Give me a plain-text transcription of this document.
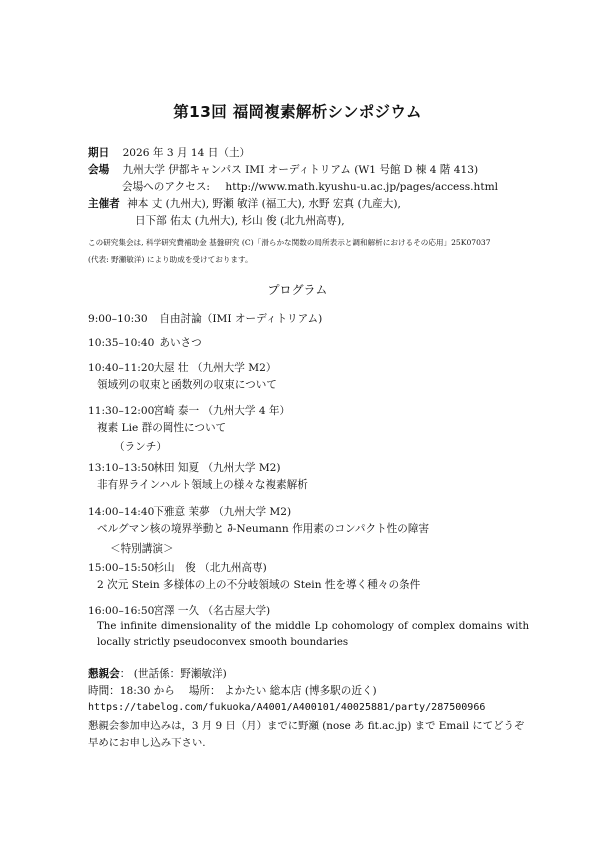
第13回 福岡複素解析シンポジウム
期日 2026 年 3 月 14 日（土）
会場 九州大学 伊都キャンパス IMI オーディトリアム (W1 号館 D 棟 4 階 413)
会場へのアクセス: http://www.math.kyushu-u.ac.jp/pages/access.html
主催者 神本 丈 (九州大), 野瀬 敏洋 (福工大), 水野 宏真 (九産大),
日下部 佑太 (九州大), 杉山 俊 (北九州高専),
この研究集会は, 科学研究費補助金 基盤研究 (C)「滑らかな関数の局所表示と調和解析におけるその応用」25K07037
(代表: 野瀬敏洋) により助成を受けております。
プログラム
9:00–10:30 自由討論（IMI オーディトリアム)
10:35–10:40 あいさつ
10:40–11:20 大屋 壮 （九州大学 M2）
領域列の収束と函数列の収束について
11:30–12:00 宮崎 泰一 （九州大学 4 年）
複素 Lie 群の岡性について
（ランチ）
13:10–13:50 林田 知夏 （九州大学 M2)
非有界ラインハルト領域上の様々な複素解析
14:00–14:40 下雅意 茉夢 （九州大学 M2)
ベルグマン核の境界挙動と ∂̄-Neumann 作用素のコンパクト性の障害
＜特別講演＞
15:00–15:50 杉山　俊 （北九州高専)
2 次元 Stein 多様体の上の不分岐領域の Stein 性を導く種々の条件
16:00–16:50 宮澤 一久 （名古屋大学)
The infinite dimensionality of the middle Lp cohomology of complex domains with locally strictly pseudoconvex smooth boundaries
懇親会： (世話係：野瀬敏洋)
時間：18:30 から　 場所： よかたい 総本店 (博多駅の近く)
https://tabelog.com/fukuoka/A4001/A400101/40025881/party/287500966
懇親会参加申込みは，3 月 9 日（月）までに野瀬 (nose あ fit.ac.jp) まで Email にてどうぞ早めにお申し込み下さい.
